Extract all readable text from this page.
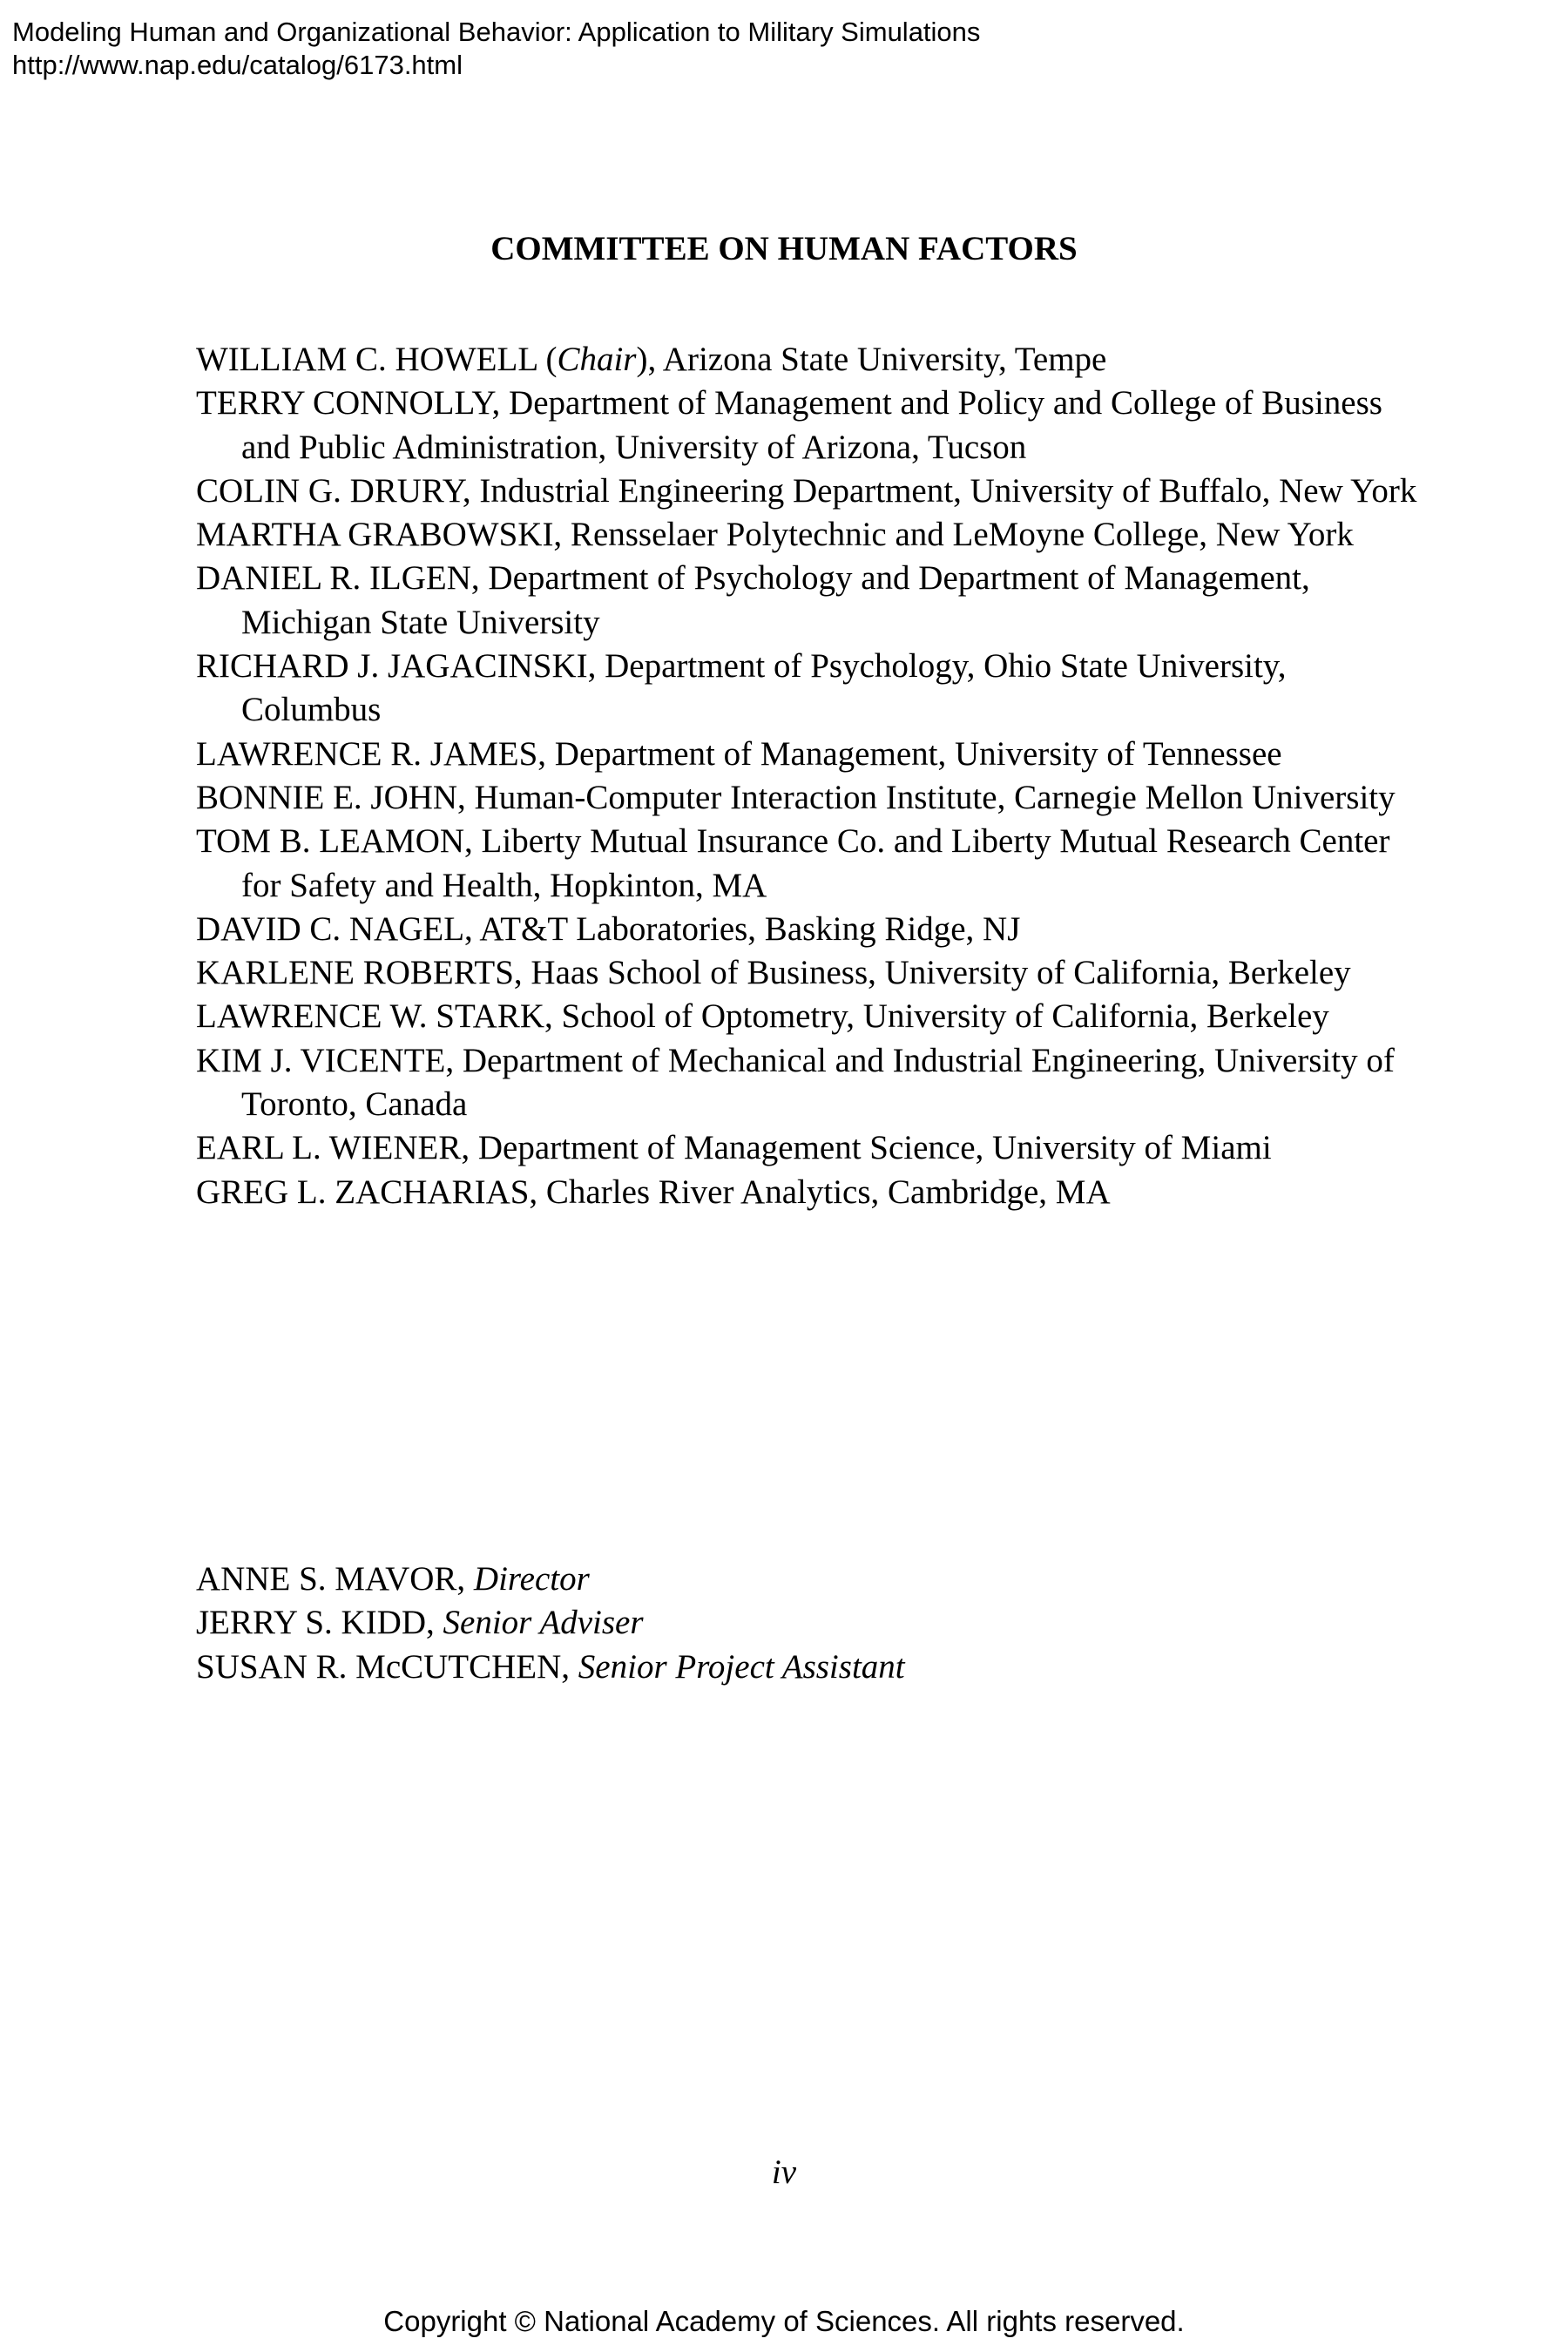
Modeling Human and Organizational Behavior: Application to Military Simulations
http://www.nap.edu/catalog/6173.html
COMMITTEE ON HUMAN FACTORS
WILLIAM C. HOWELL (Chair), Arizona State University, Tempe
TERRY CONNOLLY, Department of Management and Policy and College of Business and Public Administration, University of Arizona, Tucson
COLIN G. DRURY, Industrial Engineering Department, University of Buffalo, New York
MARTHA GRABOWSKI, Rensselaer Polytechnic and LeMoyne College, New York
DANIEL R. ILGEN, Department of Psychology and Department of Management, Michigan State University
RICHARD J. JAGACINSKI, Department of Psychology, Ohio State University, Columbus
LAWRENCE R. JAMES, Department of Management, University of Tennessee
BONNIE E. JOHN, Human-Computer Interaction Institute, Carnegie Mellon University
TOM B. LEAMON, Liberty Mutual Insurance Co. and Liberty Mutual Research Center for Safety and Health, Hopkinton, MA
DAVID C. NAGEL, AT&T Laboratories, Basking Ridge, NJ
KARLENE ROBERTS, Haas School of Business, University of California, Berkeley
LAWRENCE W. STARK, School of Optometry, University of California, Berkeley
KIM J. VICENTE, Department of Mechanical and Industrial Engineering, University of Toronto, Canada
EARL L. WIENER, Department of Management Science, University of Miami
GREG L. ZACHARIAS, Charles River Analytics, Cambridge, MA
ANNE S. MAVOR, Director
JERRY S. KIDD, Senior Adviser
SUSAN R. McCUTCHEN, Senior Project Assistant
iv
Copyright © National Academy of Sciences. All rights reserved.
